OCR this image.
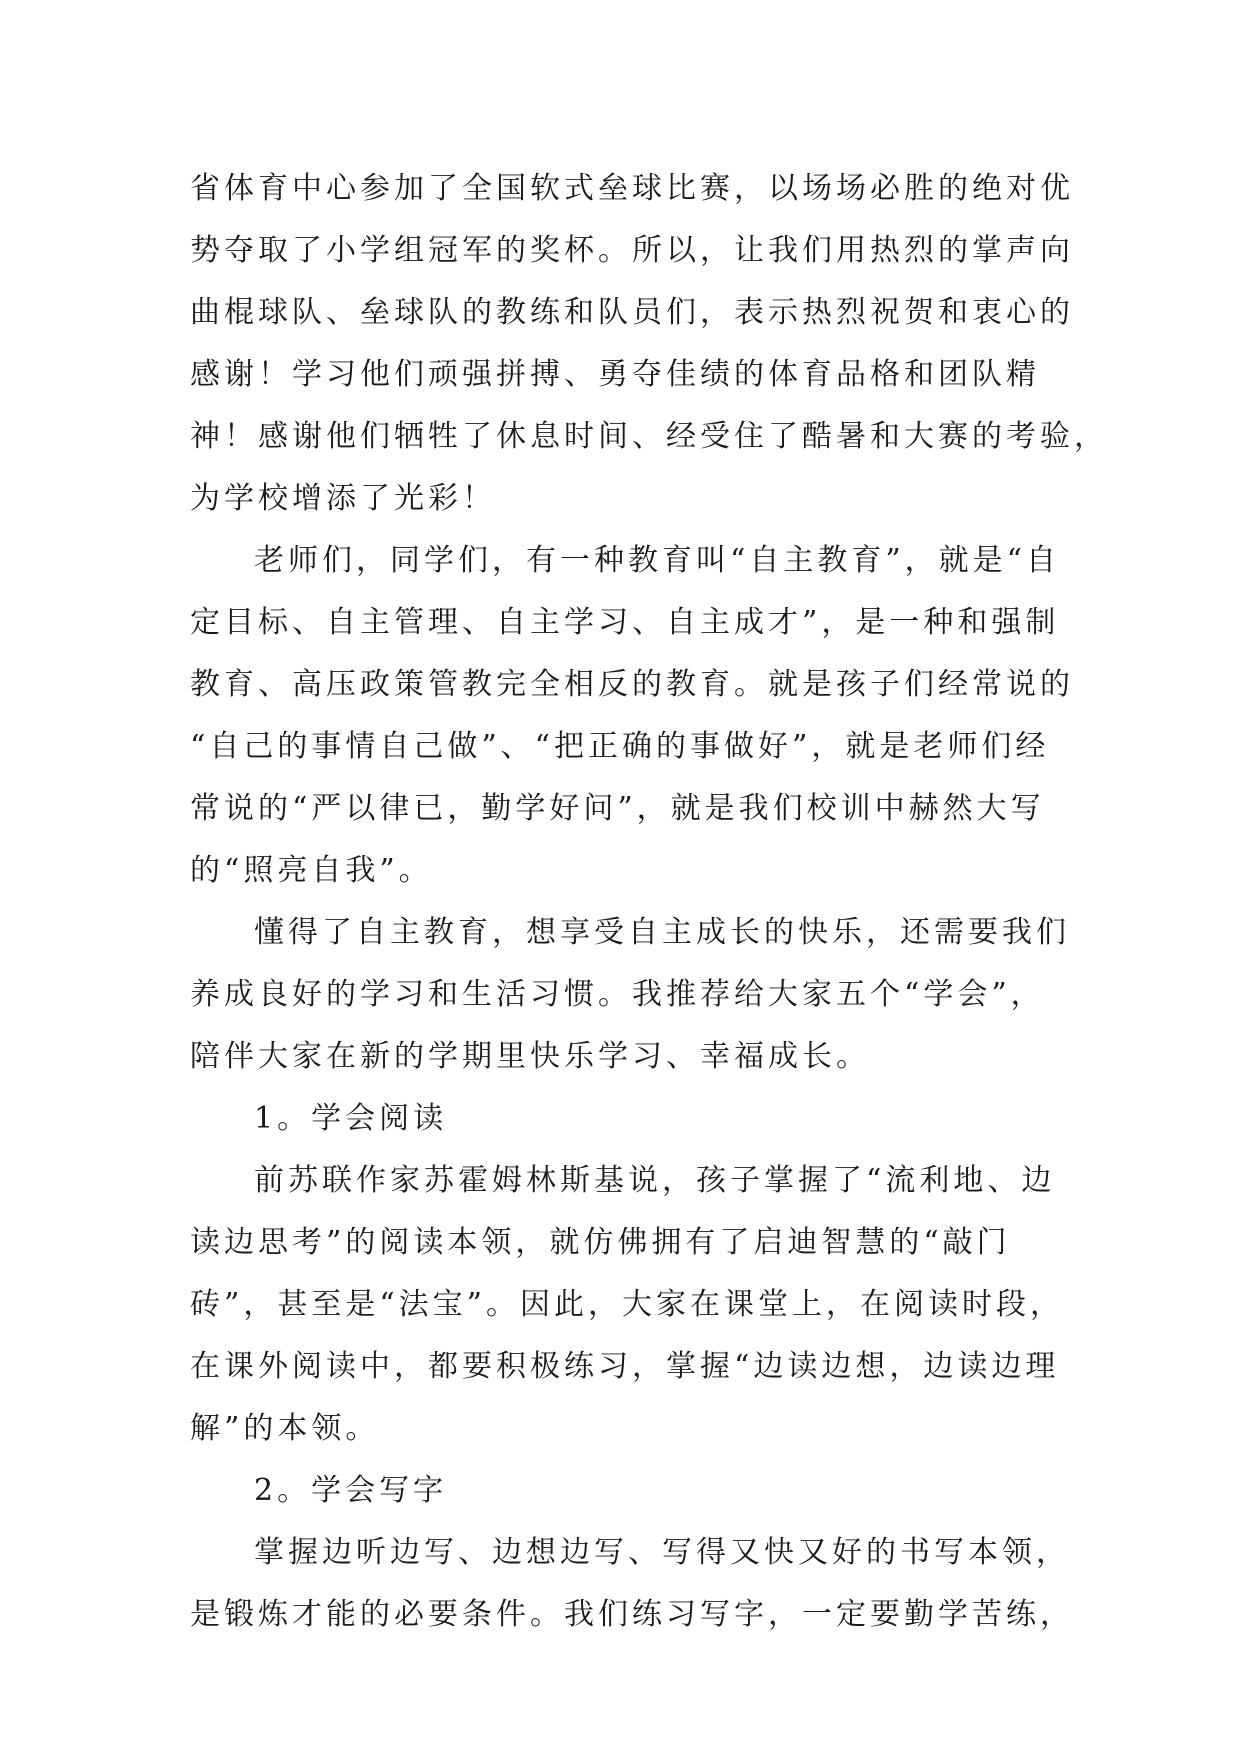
省体育中心参加了全国软式垒球比赛，以场场必胜的绝对优
势夺取了小学组冠军的奖杯。所以，让我们用热烈的掌声向
曲棍球队、垒球队的教练和队员们，表示热烈祝贺和衷心的
感谢！学习他们顽强拼搏、勇夺佳绩的体育品格和团队精
神！感谢他们牺牲了休息时间、经受住了酷暑和大赛的考验，
为学校增添了光彩！
老师们，同学们，有一种教育叫“自主教育”，就是“自
定目标、自主管理、自主学习、自主成才”，是一种和强制
教育、高压政策管教完全相反的教育。就是孩子们经常说的
“自己的事情自己做”、“把正确的事做好”，就是老师们经
常说的“严以律已，勤学好问”，就是我们校训中赫然大写
的“照亮自我”。
懂得了自主教育，想享受自主成长的快乐，还需要我们
养成良好的学习和生活习惯。我推荐给大家五个“学会”，
陪伴大家在新的学期里快乐学习、幸福成长。
1。学会阅读
前苏联作家苏霍姆林斯基说，孩子掌握了“流利地、边
读边思考”的阅读本领，就仿佛拥有了启迪智慧的“敲门
砖”，甚至是“法宝”。因此，大家在课堂上，在阅读时段，
在课外阅读中，都要积极练习，掌握“边读边想，边读边理
解”的本领。
2。学会写字
掌握边听边写、边想边写、写得又快又好的书写本领，
是锻炼才能的必要条件。我们练习写字，一定要勤学苦练，
